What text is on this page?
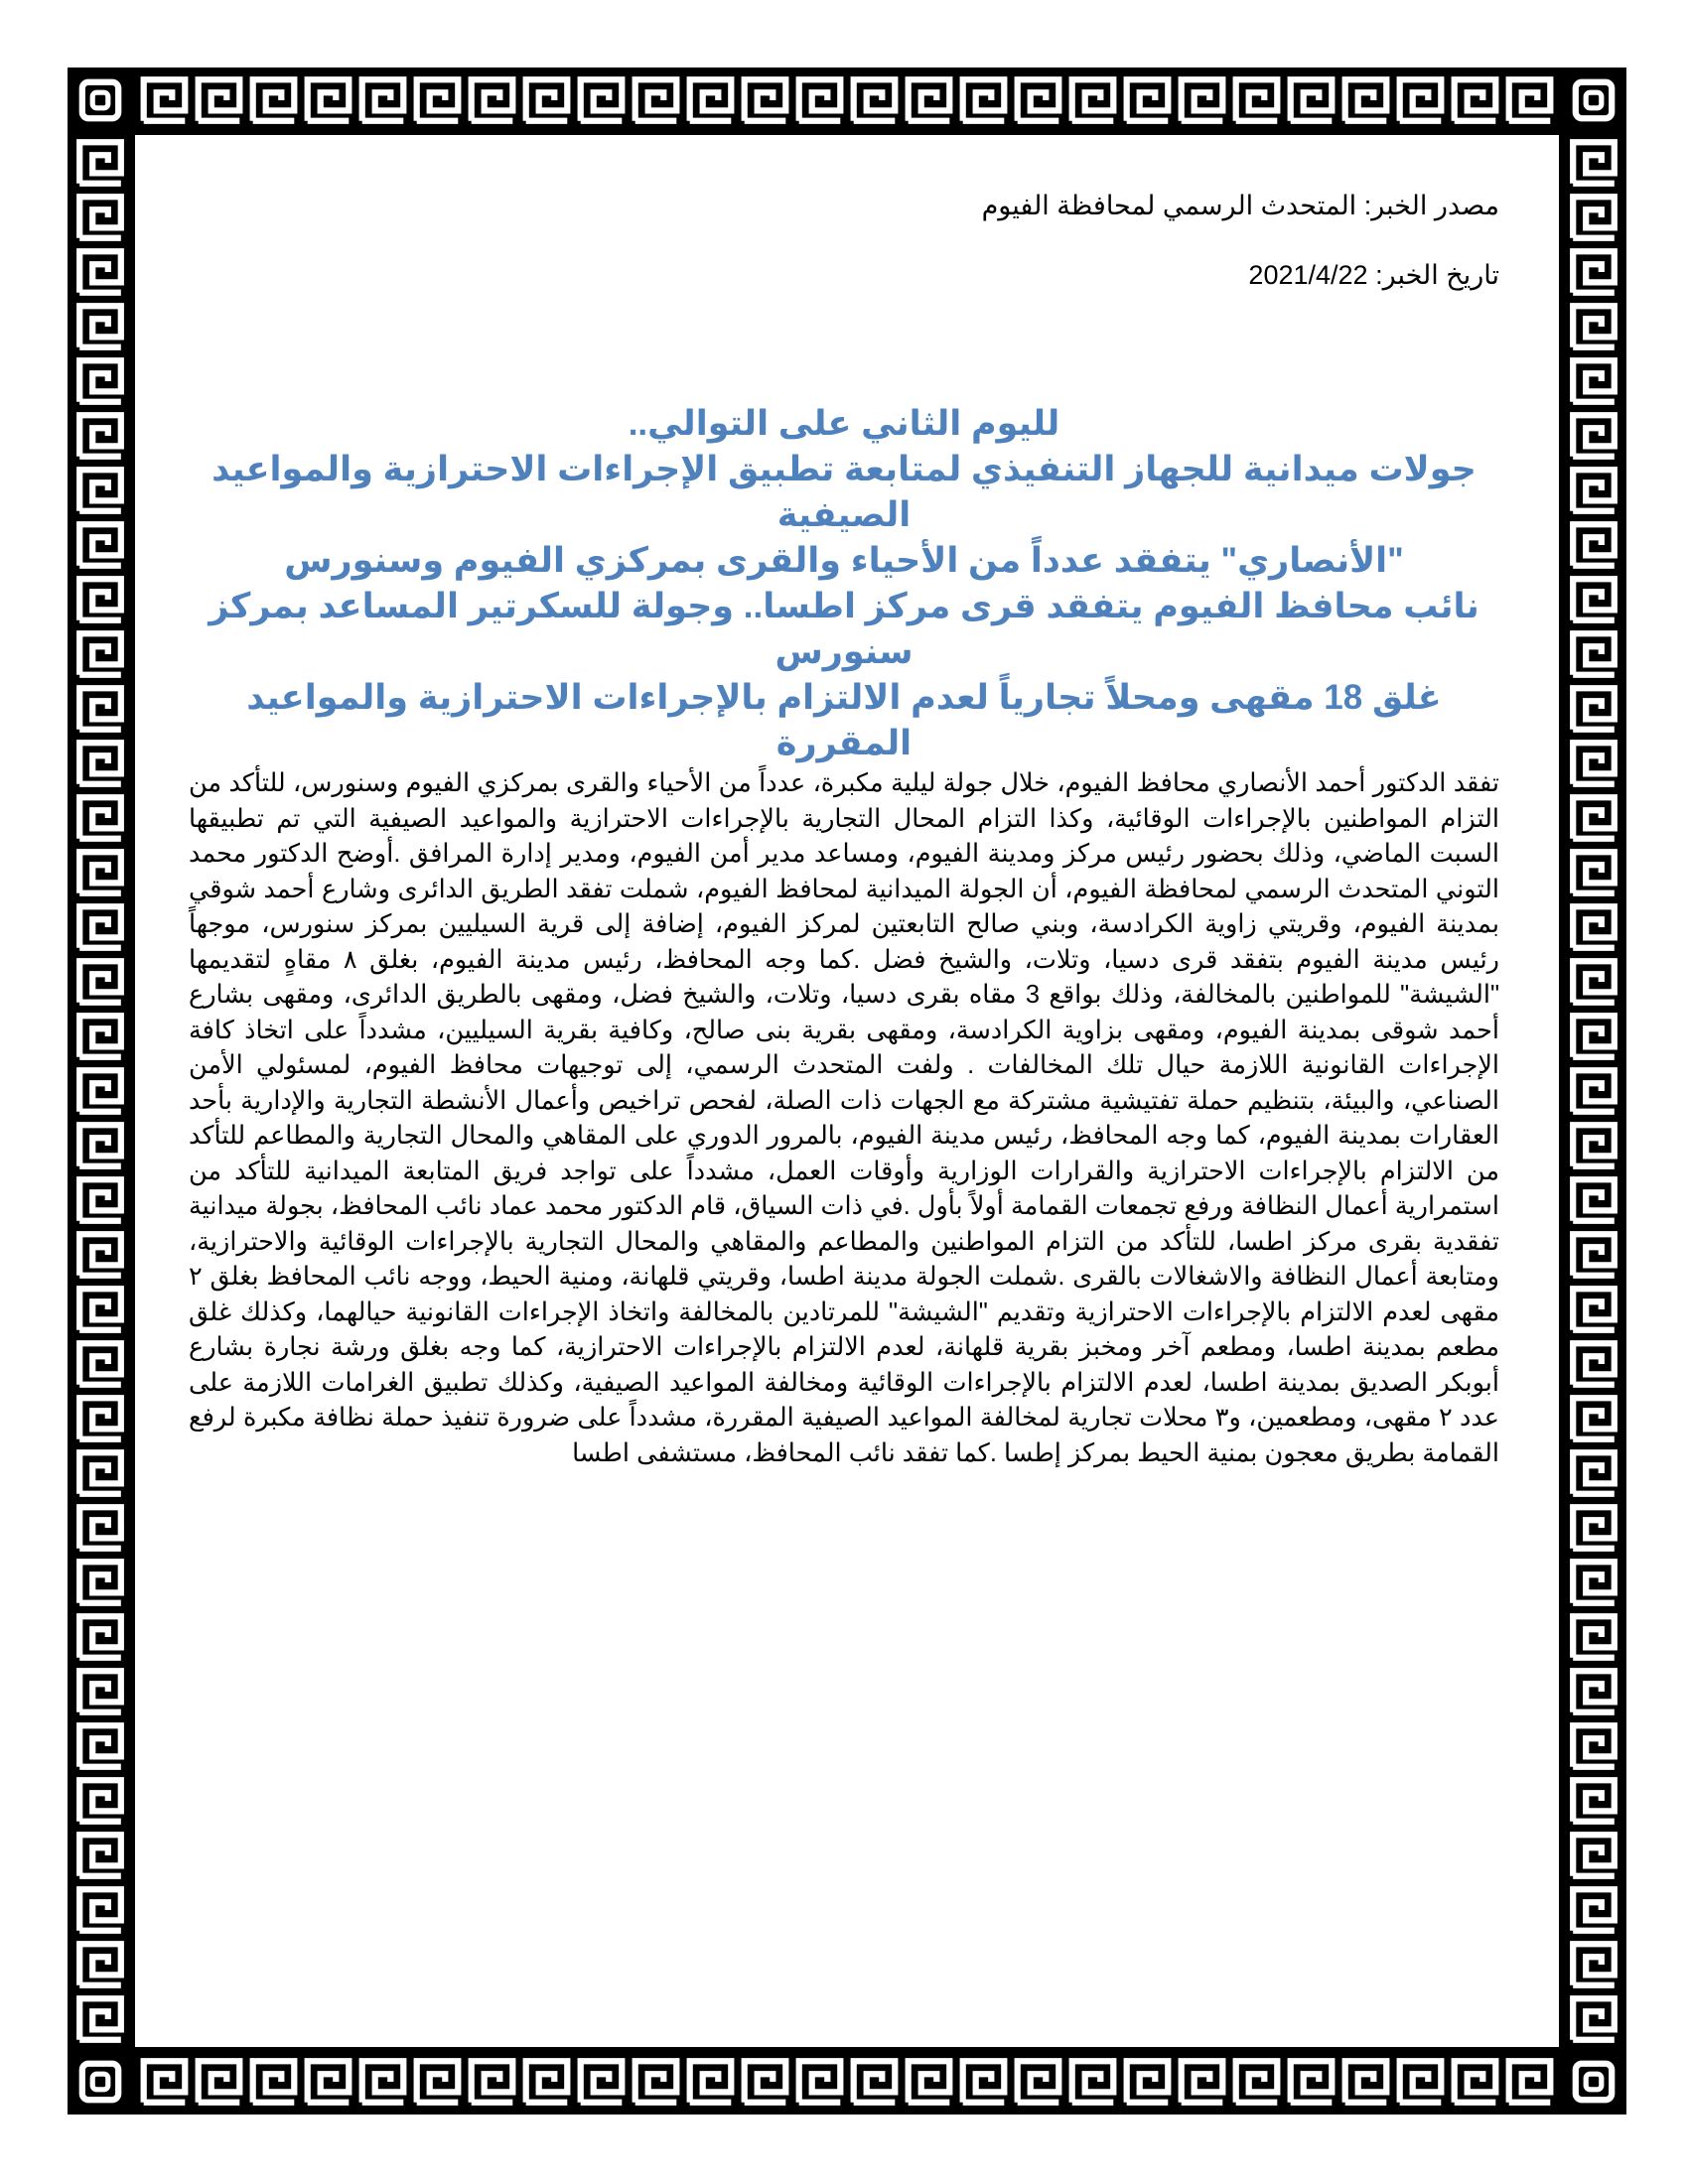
مصدر الخبر: المتحدث الرسمي لمحافظة الفيوم

تاريخ الخبر: 2021/4/22

لليوم الثاني على التوالي..
جولات ميدانية للجهاز التنفيذي لمتابعة تطبيق الإجراءات الاحترازية والمواعيد الصيفية
"الأنصاري" يتفقد عدداً من الأحياء والقرى بمركزي الفيوم وسنورس
نائب محافظ الفيوم يتفقد قرى مركز اطسا.. وجولة للسكرتير المساعد بمركز سنورس
غلق 18 مقهى ومحلاً تجارياً لعدم الالتزام بالإجراءات الاحترازية والمواعيد المقررة
تفقد الدكتور أحمد الأنصاري محافظ الفيوم، خلال جولة ليلية مكبرة، عدداً من الأحياء والقرى بمركزي الفيوم وسنورس، للتأكد من التزام المواطنين بالإجراءات الوقائية، وكذا التزام المحال التجارية بالإجراءات الاحترازية والمواعيد الصيفية التي تم تطبيقها السبت الماضي، وذلك بحضور رئيس مركز ومدينة الفيوم، ومساعد مدير أمن الفيوم، ومدير إدارة المرافق .أوضح الدكتور محمد التوني المتحدث الرسمي لمحافظة الفيوم، أن الجولة الميدانية لمحافظ الفيوم، شملت تفقد الطريق الدائرى وشارع أحمد شوقي بمدينة الفيوم، وقريتي زاوية الكرادسة، وبني صالح التابعتين لمركز الفيوم، إضافة إلى قرية السيليين بمركز سنورس، موجهاً رئيس مدينة الفيوم بتفقد قرى دسيا، وتلات، والشيخ فضل .كما وجه المحافظ، رئيس مدينة الفيوم، بغلق ٨ مقاهٍ لتقديمها "الشيشة" للمواطنين بالمخالفة، وذلك بواقع 3 مقاه بقرى دسيا، وتلات، والشيخ فضل، ومقهى بالطريق الدائرى، ومقهى بشارع أحمد شوقى بمدينة الفيوم، ومقهى بزاوية الكرادسة، ومقهى بقرية بنى صالح، وكافية بقرية السيليين، مشدداً على اتخاذ كافة الإجراءات القانونية اللازمة حيال تلك المخالفات . ولفت المتحدث الرسمي، إلى توجيهات محافظ الفيوم، لمسئولي الأمن الصناعي، والبيئة، بتنظيم حملة تفتيشية مشتركة مع الجهات ذات الصلة، لفحص تراخيص وأعمال الأنشطة التجارية والإدارية بأحد العقارات بمدينة الفيوم، كما وجه المحافظ، رئيس مدينة الفيوم، بالمرور الدوري على المقاهي والمحال التجارية والمطاعم للتأكد من الالتزام بالإجراءات الاحترازية والقرارات الوزارية وأوقات العمل، مشدداً على تواجد فريق المتابعة الميدانية للتأكد من استمرارية أعمال النظافة ورفع تجمعات القمامة أولاً بأول .في ذات السياق، قام الدكتور محمد عماد نائب المحافظ، بجولة ميدانية تفقدية بقرى مركز اطسا، للتأكد من التزام المواطنين والمطاعم والمقاهي والمحال التجارية بالإجراءات الوقائية والاحترازية، ومتابعة أعمال النظافة والاشغالات بالقرى .شملت الجولة مدينة اطسا، وقريتي قلهانة، ومنية الحيط، ووجه نائب المحافظ بغلق ٢ مقهى لعدم الالتزام بالإجراءات الاحترازية وتقديم "الشيشة" للمرتادين بالمخالفة واتخاذ الإجراءات القانونية حيالهما، وكذلك غلق مطعم بمدينة اطسا، ومطعم آخر ومخبز بقرية قلهانة، لعدم الالتزام بالإجراءات الاحترازية، كما وجه بغلق ورشة نجارة بشارع أبوبكر الصديق بمدينة اطسا، لعدم الالتزام بالإجراءات الوقائية ومخالفة المواعيد الصيفية، وكذلك تطبيق الغرامات اللازمة على عدد ٢ مقهى، ومطعمين، و٣ محلات تجارية لمخالفة المواعيد الصيفية المقررة، مشدداً على ضرورة تنفيذ حملة نظافة مكبرة لرفع القمامة بطريق معجون بمنية الحيط بمركز إطسا .كما تفقد نائب المحافظ، مستشفى اطسا
